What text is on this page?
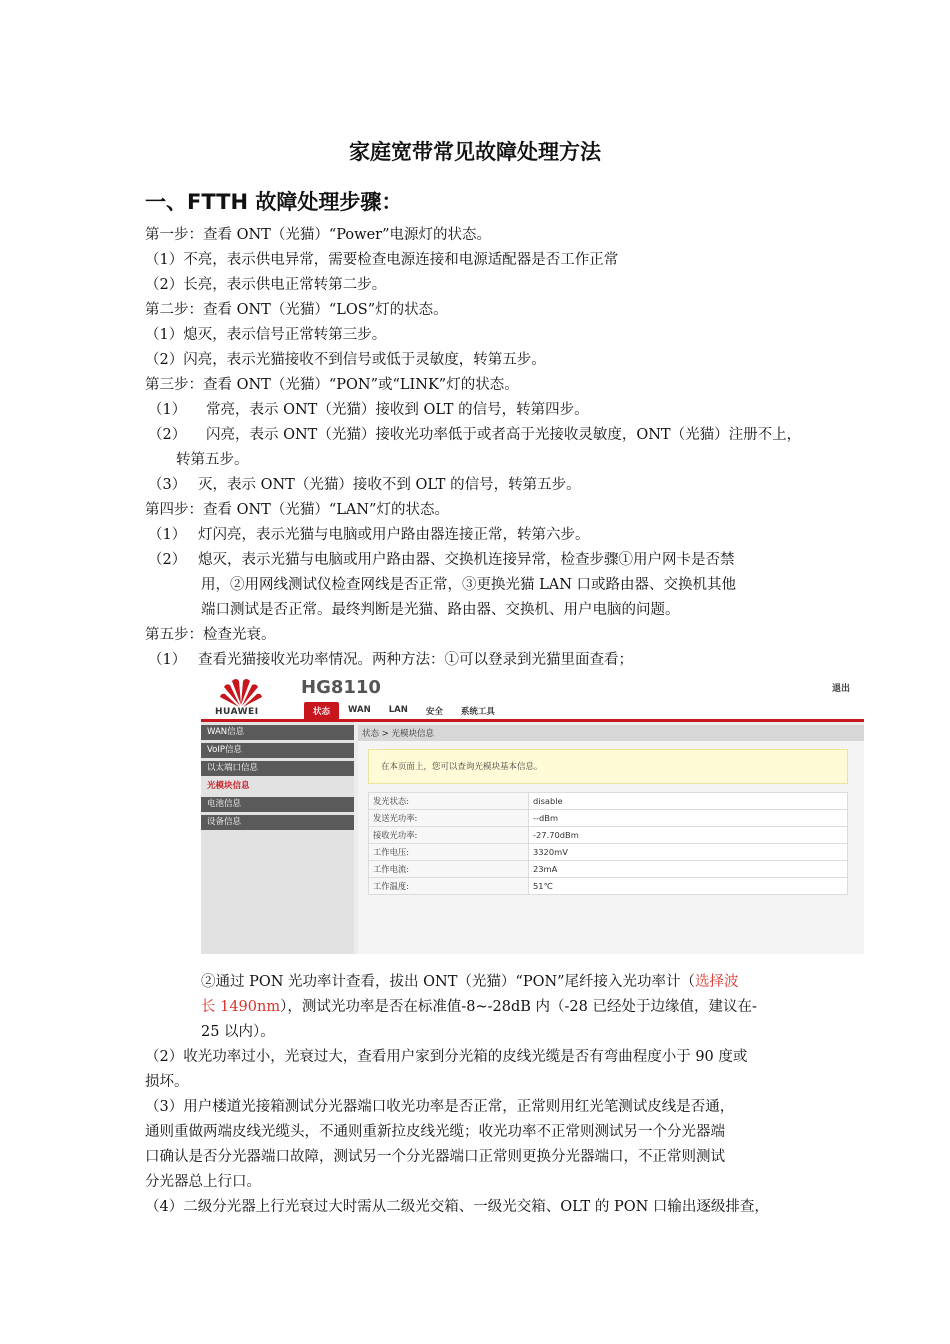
家庭宽带常见故障处理方法

一、FTTH 故障处理步骤：

第一步：查看 ONT（光猫）“Power”电源灯的状态。

（1）不亮，表示供电异常，需要检查电源连接和电源适配器是否工作正常

（2）长亮，表示供电正常转第二步。

第二步：查看 ONT（光猫）“LOS”灯的状态。

（1）熄灭，表示信号正常转第三步。

（2）闪亮，表示光猫接收不到信号或低于灵敏度，转第五步。

第三步：查看 ONT（光猫）“PON”或“LINK”灯的状态。

（1） 常亮，表示 ONT（光猫）接收到 OLT 的信号，转第四步。

（2） 闪亮，表示 ONT（光猫）接收光功率低于或者高于光接收灵敏度，ONT（光猫）注册不上，

转第五步。

（3） 灭，表示 ONT（光猫）接收不到 OLT 的信号，转第五步。

第四步：查看 ONT（光猫）“LAN”灯的状态。

（1） 灯闪亮，表示光猫与电脑或用户路由器连接正常，转第六步。

（2） 熄灭，表示光猫与电脑或用户路由器、交换机连接异常，检查步骤①用户网卡是否禁

用，②用网线测试仪检查网线是否正常，③更换光猫 LAN 口或路由器、交换机其他

端口测试是否正常。最终判断是光猫、路由器、交换机、用户电脑的问题。

第五步：检查光衰。

（1） 查看光猫接收光功率情况。两种方法：①可以登录到光猫里面查看；

HUAWEI
HG8110	退出
状态	WAN	LAN	安全	系统工具
WAN信息
VoIP信息
以太端口信息
光模块信息
电池信息
设备信息
状态 > 光模块信息
在本页面上，您可以查询光模块基本信息。
发光状态:	disable
发送光功率:	--dBm
接收光功率:	-27.70dBm
工作电压:	3320mV
工作电流:	23mA
工作温度:	51℃

②通过 PON 光功率计查看，拔出 ONT（光猫）“PON”尾纤接入光功率计（选择波

长 1490nm），测试光功率是否在标准值-8~-28dB 内（-28 已经处于边缘值，建议在-

25 以内）。

（2）收光功率过小，光衰过大，查看用户家到分光箱的皮线光缆是否有弯曲程度小于 90 度或

损坏。

（3）用户楼道光接箱测试分光器端口收光功率是否正常，正常则用红光笔测试皮线是否通，

通则重做两端皮线光缆头，不通则重新拉皮线光缆；收光功率不正常则测试另一个分光器端

口确认是否分光器端口故障，测试另一个分光器端口正常则更换分光器端口，不正常则测试

分光器总上行口。

（4）二级分光器上行光衰过大时需从二级光交箱、一级光交箱、OLT 的 PON 口输出逐级排查，
